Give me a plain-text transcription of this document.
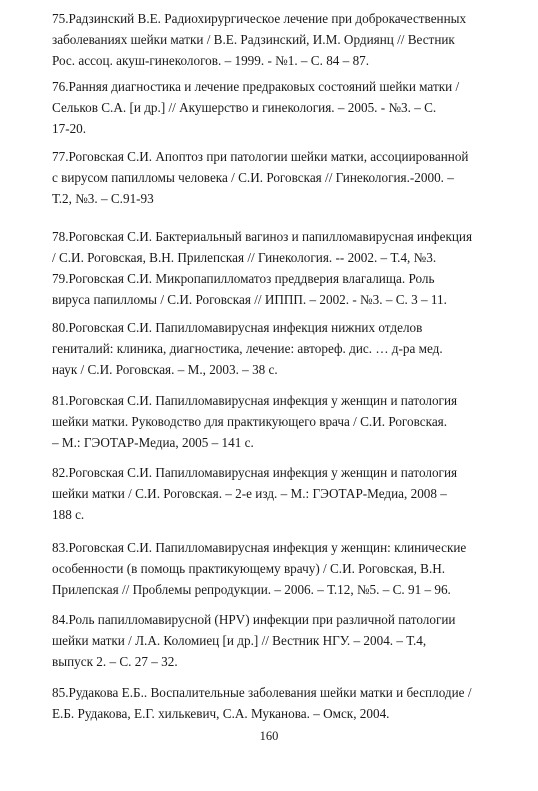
75. Радзинский В.Е. Радиохирургическое лечение при доброкачественных
заболеваниях шейки матки / В.Е. Радзинский, И.М. Ордиянц // Вестник
Рос. ассоц. акуш-гинекологов. – 1999. - №1. – С. 84 – 87.
76. Ранняя диагностика и лечение предраковых состояний шейки матки /
Сельков С.А. [и др.] // Акушерство и гинекология. – 2005. - №3. – С.
17-20.
77. Роговская С.И. Апоптоз при патологии шейки матки, ассоциированной
с вирусом папилломы человека / С.И. Роговская // Гинекология.-2000. –
Т.2, №3. – С.91-93
78. Роговская С.И. Бактериальный вагиноз и папилломавирусная инфекция
/ С.И. Роговская, В.Н. Прилепская // Гинекология. -- 2002. – Т.4, №3.
79. Роговская С.И. Микропапилломатоз преддверия влагалища. Роль
вируса папилломы / С.И. Роговская // ИППП. – 2002. - №3. – С. 3 – 11.
80. Роговская С.И. Папилломавирусная инфекция нижних отделов
гениталий: клиника, диагностика, лечение: автореф. дис. … д-ра мед.
наук / С.И. Роговская. – М., 2003. – 38 с.
81. Роговская С.И. Папилломавирусная инфекция у женщин и патология
шейки матки. Руководство для практикующего врача / С.И. Роговская.
– М.: ГЭОТАР-Медиа, 2005 – 141 с.
82. Роговская С.И. Папилломавирусная инфекция у женщин и патология
шейки матки / С.И. Роговская. – 2-е изд. – М.: ГЭОТАР-Медиа, 2008 –
188 с.
83. Роговская С.И. Папилломавирусная инфекция у женщин: клинические
особенности (в помощь практикующему врачу) / С.И. Роговская, В.Н.
Прилепская // Проблемы репродукции. – 2006. – Т.12, №5. – С. 91 – 96.
84. Роль папилломавирусной (HPV) инфекции при различной патологии
шейки матки / Л.А. Коломиец [и др.] // Вестник НГУ. – 2004. – Т.4,
выпуск 2. – С. 27 – 32.
85. Рудакова Е.Б.. Воспалительные заболевания шейки матки и бесплодие /
Е.Б. Рудакова, Е.Г. хилькевич, С.А. Муканова. – Омск, 2004.
160
